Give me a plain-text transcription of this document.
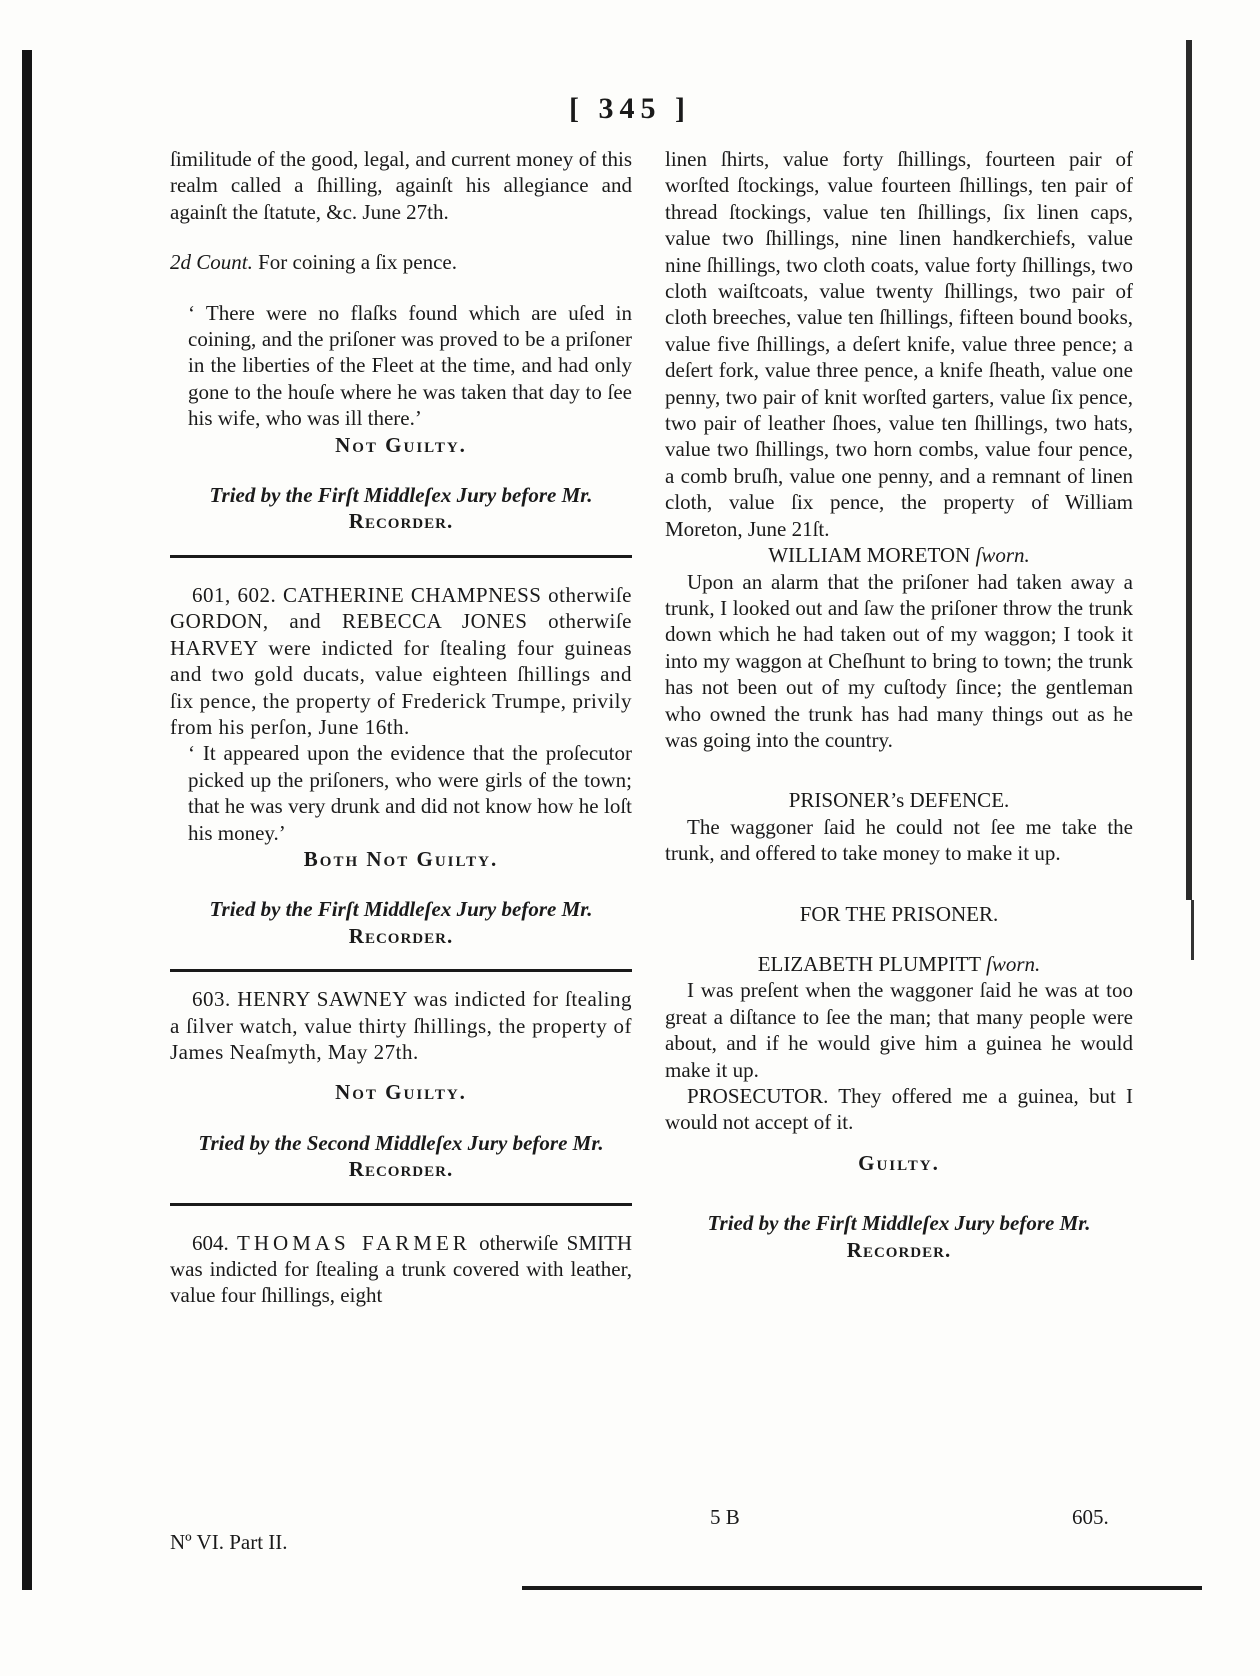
[ 345 ]

ſimilitude of the good, legal, and current money of this realm called a ſhilling, againſt his allegiance and againſt the ſtatute, &c. June 27th.

2d Count. For coining a ſix pence.

‘ There were no flaſks found which are uſed in coining, and the priſoner was proved to be a priſoner in the liberties of the Fleet at the time, and had only gone to the houſe where he was taken that day to ſee his wife, who was ill there.’

Not Guilty.

Tried by the Firſt Middleſex Jury before Mr.

Recorder.

601, 602. CATHERINE CHAMPNESS otherwiſe GORDON, and REBECCA JONES otherwiſe HARVEY were indicted for ſtealing four guineas and two gold ducats, value eighteen ſhillings and ſix pence, the property of Frederick Trumpe, privily from his perſon, June 16th.

‘ It appeared upon the evidence that the proſecutor picked up the priſoners, who were girls of the town; that he was very drunk and did not know how he loſt his money.’

Both Not Guilty.

Tried by the Firſt Middleſex Jury before Mr.

Recorder.

603. HENRY SAWNEY was indicted for ſtealing a ſilver watch, value thirty ſhillings, the property of James Neaſmyth, May 27th.

Not Guilty.

Tried by the Second Middleſex Jury before Mr.

Recorder.

604. THOMAS FARMER otherwiſe SMITH was indicted for ſtealing a trunk covered with leather, value four ſhillings, eight

Nº VI. Part II.

linen ſhirts, value forty ſhillings, fourteen pair of worſted ſtockings, value fourteen ſhillings, ten pair of thread ſtockings, value ten ſhillings, ſix linen caps, value two ſhillings, nine linen handkerchiefs, value nine ſhillings, two cloth coats, value forty ſhillings, two cloth waiſtcoats, value twenty ſhillings, two pair of cloth breeches, value ten ſhillings, fifteen bound books, value five ſhillings, a deſert knife, value three pence; a deſert fork, value three pence, a knife ſheath, value one penny, two pair of knit worſted garters, value ſix pence, two pair of leather ſhoes, value ten ſhillings, two hats, value two ſhillings, two horn combs, value four pence, a comb bruſh, value one penny, and a remnant of linen cloth, value ſix pence, the property of William Moreton, June 21ſt.

WILLIAM MORETON ſworn.

Upon an alarm that the priſoner had taken away a trunk, I looked out and ſaw the priſoner throw the trunk down which he had taken out of my waggon; I took it into my waggon at Cheſhunt to bring to town; the trunk has not been out of my cuſtody ſince; the gentleman who owned the trunk has had many things out as he was going into the country.

PRISONER’s DEFENCE.

The waggoner ſaid he could not ſee me take the trunk, and offered to take money to make it up.

FOR THE PRISONER.

ELIZABETH PLUMPITT ſworn.

I was preſent when the waggoner ſaid he was at too great a diſtance to ſee the man; that many people were about, and if he would give him a guinea he would make it up.

PROSECUTOR. They offered me a guinea, but I would not accept of it.

Guilty.

Tried by the Firſt Middleſex Jury before Mr.

Recorder.

5 B	605.
